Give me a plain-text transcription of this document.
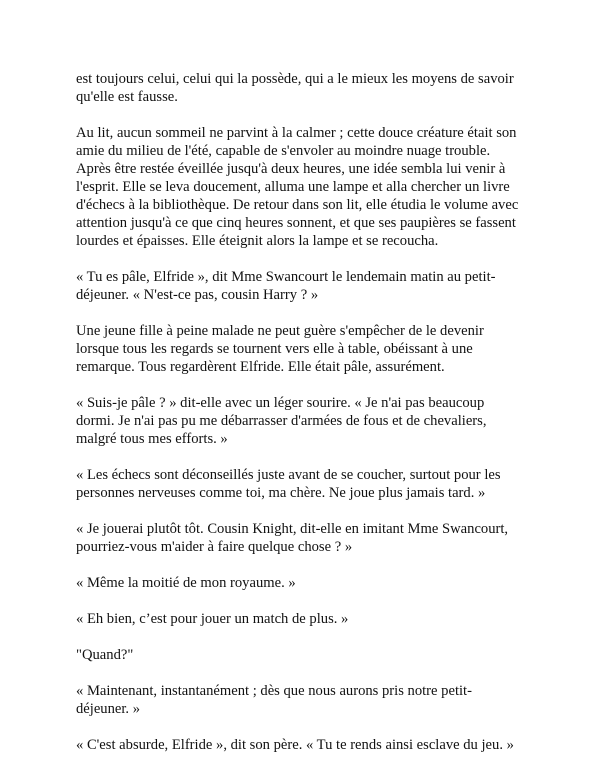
est toujours celui, celui qui la possède, qui a le mieux les moyens de savoir
qu'elle est fausse.

Au lit, aucun sommeil ne parvint à la calmer ; cette douce créature était son
amie du milieu de l'été, capable de s'envoler au moindre nuage trouble.
Après être restée éveillée jusqu'à deux heures, une idée sembla lui venir à
l'esprit. Elle se leva doucement, alluma une lampe et alla chercher un livre
d'échecs à la bibliothèque. De retour dans son lit, elle étudia le volume avec
attention jusqu'à ce que cinq heures sonnent, et que ses paupières se fassent
lourdes et épaisses. Elle éteignit alors la lampe et se recoucha.

« Tu es pâle, Elfride », dit Mme Swancourt le lendemain matin au petit-
déjeuner. « N'est-ce pas, cousin Harry ? »

Une jeune fille à peine malade ne peut guère s'empêcher de le devenir
lorsque tous les regards se tournent vers elle à table, obéissant à une
remarque. Tous regardèrent Elfride. Elle était pâle, assurément.

« Suis-je pâle ? » dit-elle avec un léger sourire. « Je n'ai pas beaucoup
dormi. Je n'ai pas pu me débarrasser d'armées de fous et de chevaliers,
malgré tous mes efforts. »

« Les échecs sont déconseillés juste avant de se coucher, surtout pour les
personnes nerveuses comme toi, ma chère. Ne joue plus jamais tard. »

« Je jouerai plutôt tôt. Cousin Knight, dit-elle en imitant Mme Swancourt,
pourriez-vous m'aider à faire quelque chose ? »

« Même la moitié de mon royaume. »

« Eh bien, c’est pour jouer un match de plus. »

"Quand?"

« Maintenant, instantanément ; dès que nous aurons pris notre petit-
déjeuner. »

« C'est absurde, Elfride », dit son père. « Tu te rends ainsi esclave du jeu. »
